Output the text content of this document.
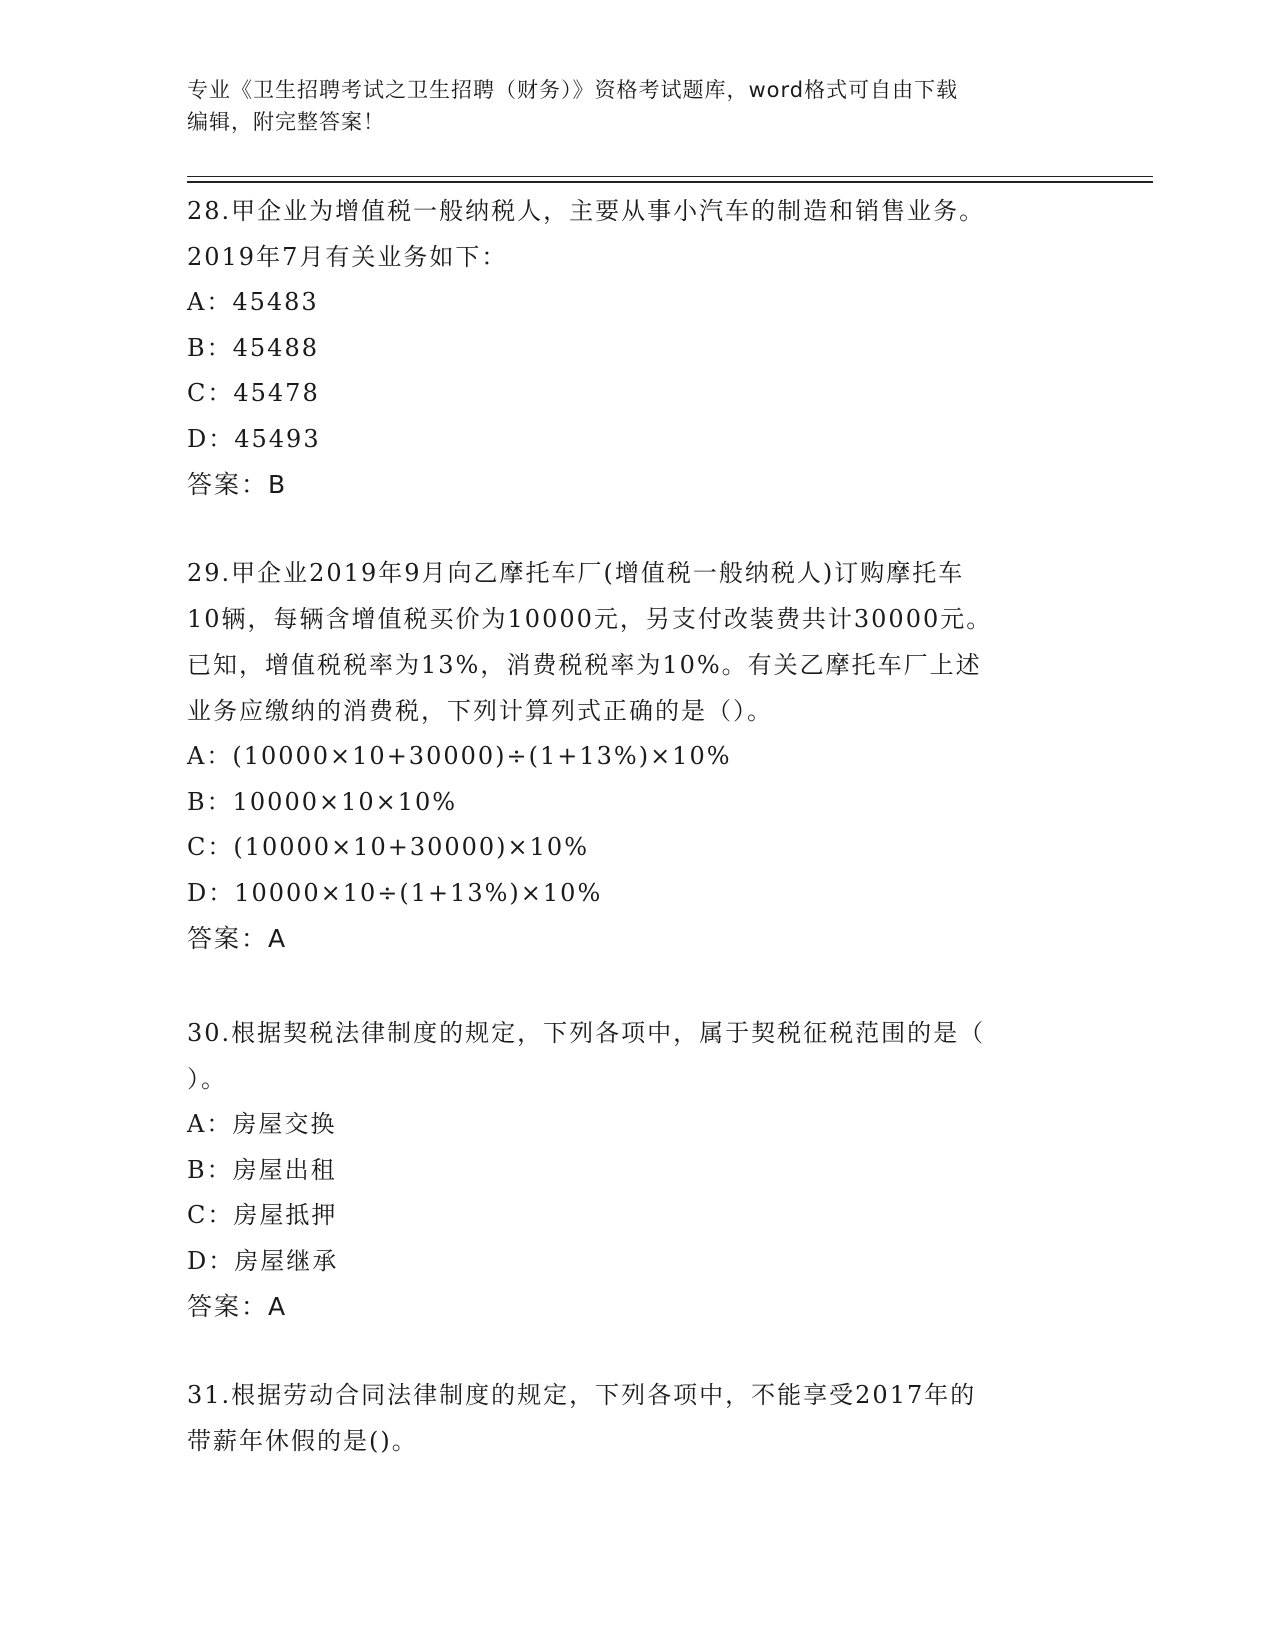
专业《卫生招聘考试之卫生招聘（财务）》资格考试题库，word格式可自由下载
编辑，附完整答案！

28.甲企业为增值税一般纳税人，主要从事小汽车的制造和销售业务。

2019年7月有关业务如下：

A：45483

B：45488

C：45478

D：45493

答案：B

29.甲企业2019年9月向乙摩托车厂(增值税一般纳税人)订购摩托车

10辆，每辆含增值税买价为10000元，另支付改装费共计30000元。

已知，增值税税率为13%，消费税税率为10%。有关乙摩托车厂上述

业务应缴纳的消费税，下列计算列式正确的是（）。

A：(10000×10+30000)÷(1+13%)×10%

B：10000×10×10%

C：(10000×10+30000)×10%

D：10000×10÷(1+13%)×10%

答案：A

30.根据契税法律制度的规定，下列各项中，属于契税征税范围的是（

）。

A：房屋交换

B：房屋出租

C：房屋抵押

D：房屋继承

答案：A

31.根据劳动合同法律制度的规定，下列各项中，不能享受2017年的

带薪年休假的是()。
